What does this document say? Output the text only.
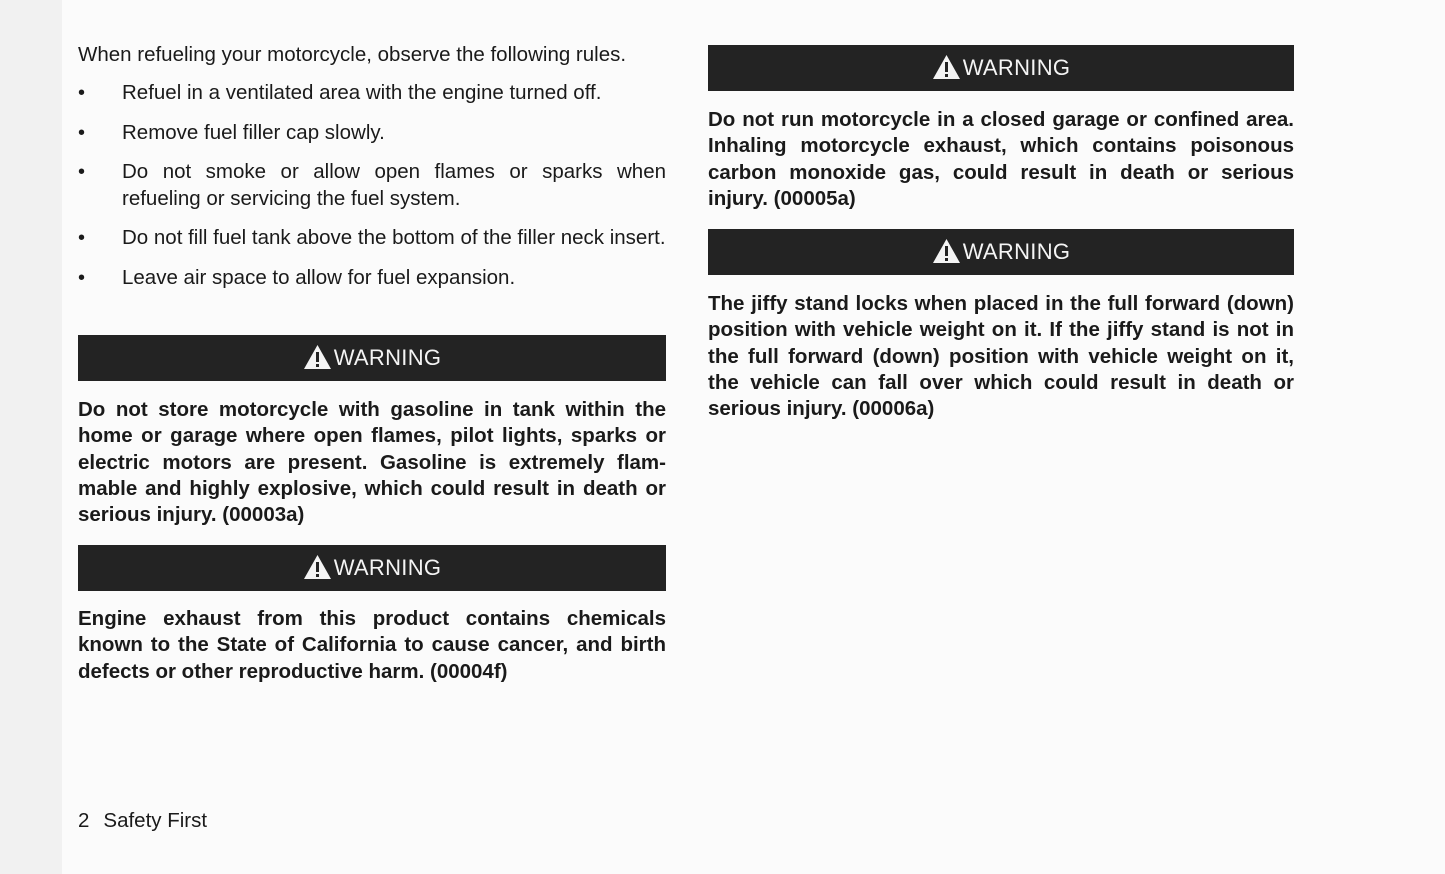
When refueling your motorcycle, observe the following rules.

• Refuel in a ventilated area with the engine turned off.
• Remove fuel filler cap slowly.
• Do not smoke or allow open flames or sparks when refueling or servicing the fuel system.
• Do not fill fuel tank above the bottom of the filler neck insert.
• Leave air space to allow for fuel expansion.
WARNING

Do not store motorcycle with gasoline in tank within the home or garage where open flames, pilot lights, sparks or electric motors are present. Gasoline is extremely flam-mable and highly explosive, which could result in death or serious injury. (00003a)

WARNING

Engine exhaust from this product contains chemicals known to the State of California to cause cancer, and birth defects or other reproductive harm. (00004f)

WARNING

Do not run motorcycle in a closed garage or confined area. Inhaling motorcycle exhaust, which contains poisonous carbon monoxide gas, could result in death or serious injury. (00005a)

WARNING

The jiffy stand locks when placed in the full forward (down) position with vehicle weight on it. If the jiffy stand is not in the full forward (down) position with vehicle weight on it, the vehicle can fall over which could result in death or serious injury. (00006a)

2 Safety First
